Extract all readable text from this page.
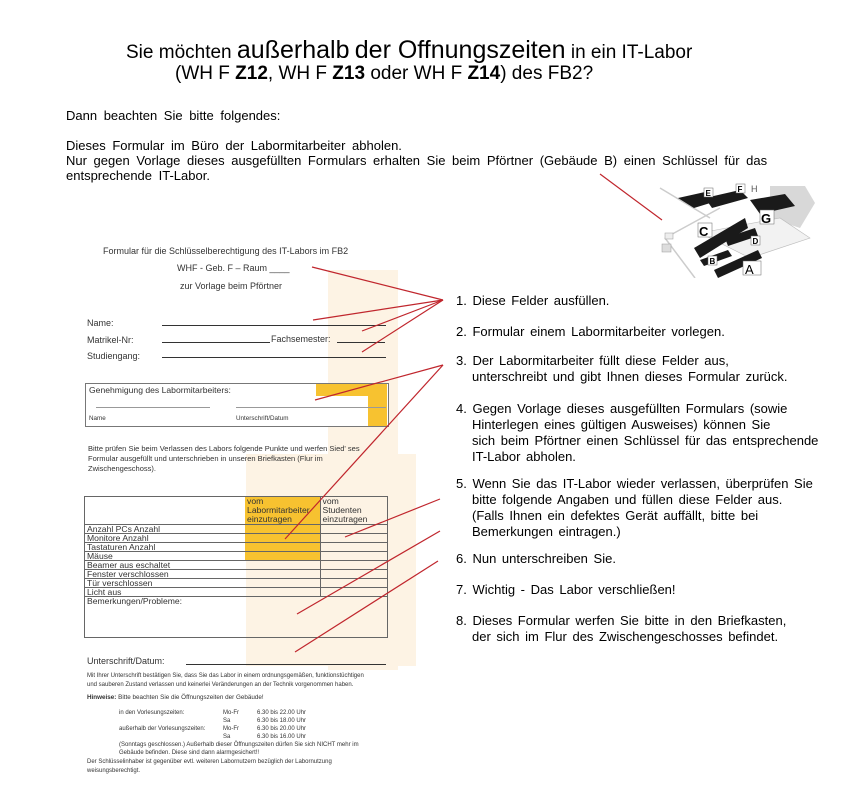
Sie möchten außerhalb der Offnungszeiten in ein IT-Labor
(WH F Z12, WH F Z13 oder WH F Z14) des FB2?
Dann beachten Sie bitte folgendes:
Dieses Formular im Büro der Labormitarbeiter abholen.
Nur gegen Vorlage dieses ausgefüllten Formulars erhalten Sie beim Pförtner (Gebäude B) einen Schlüssel für das
entsprechende IT-Labor.
E	F H
G
C
D
B
A
Formular für die Schlüsselberechtigung des IT-Labors im FB2
WHF - Geb. F – Raum ____
zur Vorlage beim Pförtner
Name:
Matrikel-Nr:	Fachsemester:
Studiengang:
Genehmigung des Labormitarbeiters:
Name	Unterschrift/Datum
Bitte prüfen Sie beim Verlassen des Labors folgende Punkte und werfen Sied' ses
Formular ausgefüllt und unterschrieben in unseren Briefkasten (Flur im
Zwischengeschoss).
	vom
Labormitarbeiter
einzutragen	vom
Studenten
einzutragen
Anzahl PCs Anzahl		
Monitore Anzahl		
Tastaturen Anzahl		
Mäuse		
Beamer aus eschaltet		
Fenster verschlossen		
Tür verschlossen		
Licht aus		
Bemerkungen/Probleme:		
Unterschrift/Datum:
Mit Ihrer Unterschrift bestätigen Sie, dass Sie das Labor in einem ordnungsgemäßen, funktionstüchtigen
und sauberen Zustand verlassen und keinerlei Veränderungen an der Technik vorgenommen haben.
Hinweise: Bitte beachten Sie die Öffnungszeiten der Gebäude!
in den Vorlesungszeiten:	Mo-Fr	6.30 bis 22.00 Uhr
Sa	6.30 bis 18.00 Uhr
außerhalb der Vorlesungszeiten:	Mo-Fr	6.30 bis 20.00 Uhr
Sa	6.30 bis 16.00 Uhr
(Sonntags geschlossen.) Außerhalb dieser Öffnungszeiten dürfen Sie sich NICHT mehr im
Gebäude befinden. Diese sind dann alarmgesichert!!
Der Schlüsselinhaber ist gegenüber evtl. weiteren Labornutzern bezüglich der Labornutzung
weisungsberechtigt.
1. Diese Felder ausfüllen.
2. Formular einem Labormitarbeiter vorlegen.
3. Der Labormitarbeiter füllt diese Felder aus,
unterschreibt und gibt Ihnen dieses Formular zurück.
4. Gegen Vorlage dieses ausgefüllten Formulars (sowie
Hinterlegen eines gültigen Ausweises) können Sie
sich beim Pförtner einen Schlüssel für das entsprechende
IT-Labor abholen.
5. Wenn Sie das IT-Labor wieder verlassen, überprüfen Sie
bitte folgende Angaben und füllen diese Felder aus.
(Falls Ihnen ein defektes Gerät auffällt, bitte bei
Bemerkungen eintragen.)
6. Nun unterschreiben Sie.
7. Wichtig - Das Labor verschließen!
8. Dieses Formular werfen Sie bitte in den Briefkasten,
der sich im Flur des Zwischengeschosses befindet.
